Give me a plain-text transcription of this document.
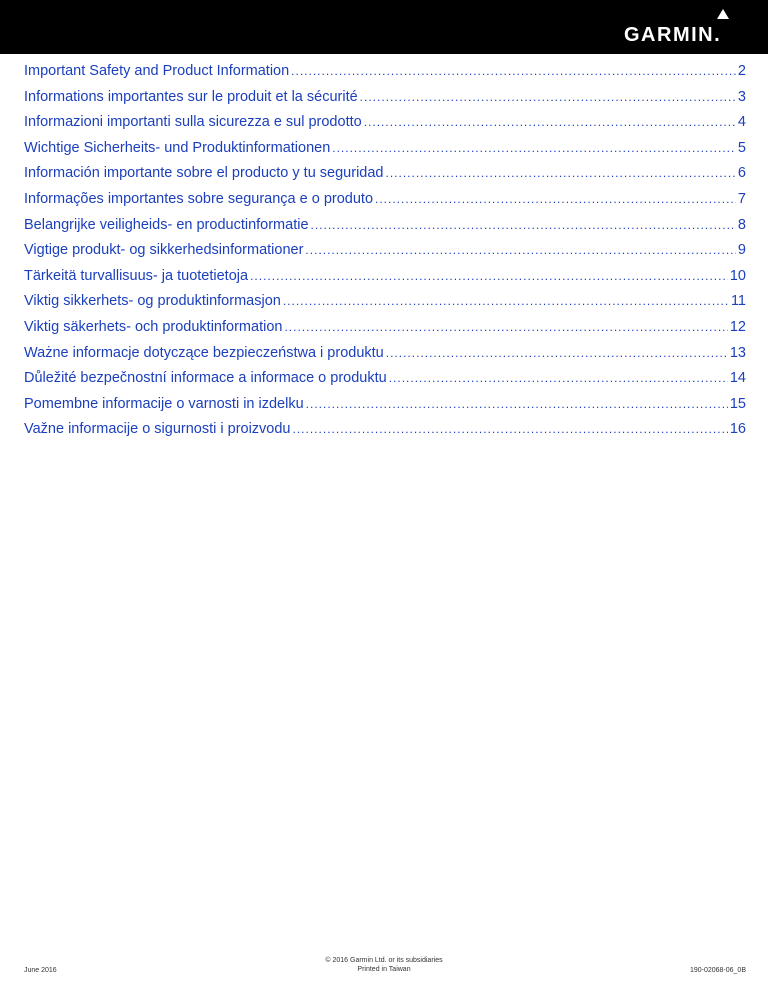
GARMIN.
Important Safety and Product Information .....	2
Informations importantes sur le produit et la sécurité .....	3
Informazioni importanti sulla sicurezza e sul prodotto .....	4
Wichtige Sicherheits- und Produktinformationen .....	5
Información importante sobre el producto y tu seguridad .....	6
Informações importantes sobre segurança e o produto .....	7
Belangrijke veiligheids- en productinformatie .....	8
Vigtige produkt- og sikkerhedsinformationer .....	9
Tärkeitä turvallisuus- ja tuotetietoja .....	10
Viktig sikkerhets- og produktinformasjon .....	11
Viktig säkerhets- och produktinformation .....	12
Ważne informacje dotyczące bezpieczeństwa i produktu .....	13
Důležité bezpečnostní informace a informace o produktu .....	14
Pomembne informacije o varnosti in izdelku .....	15
Važne informacije o sigurnosti i proizvodu .....	16
June 2016
© 2016 Garmin Ltd. or its subsidiaries
Printed in Taiwan	190-02068-06_0B
